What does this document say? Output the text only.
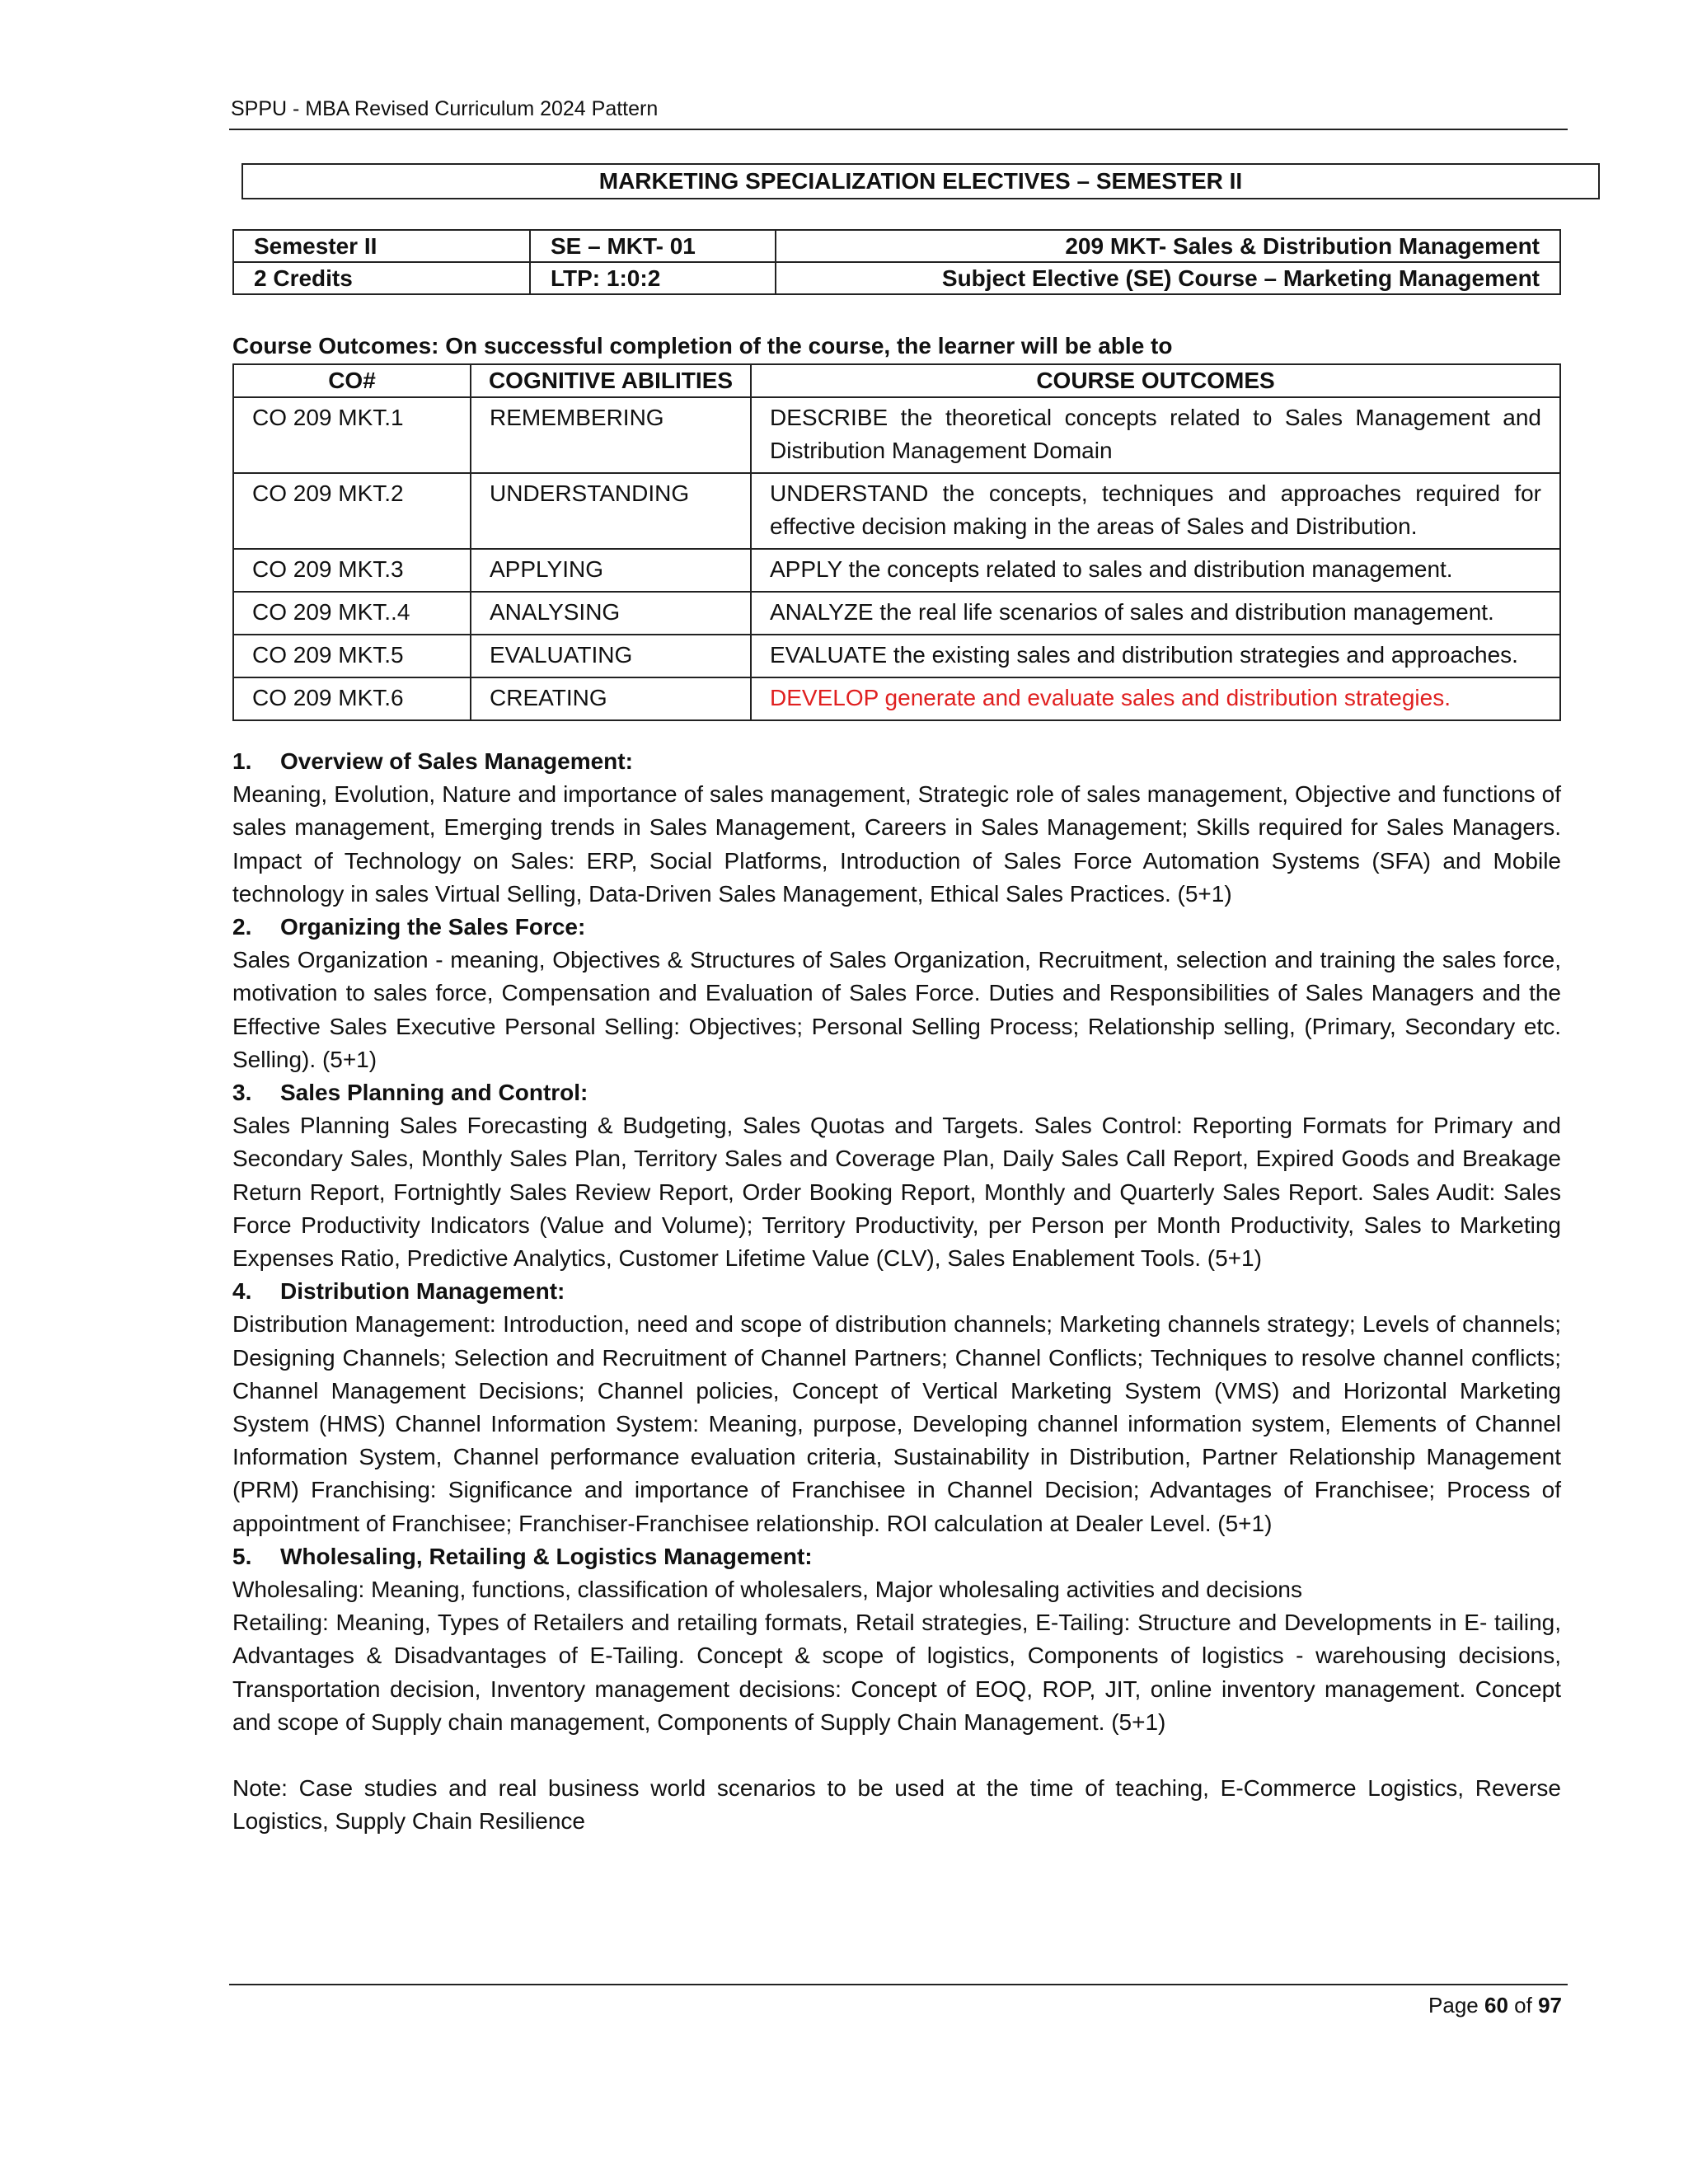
SPPU - MBA Revised Curriculum 2024 Pattern
MARKETING SPECIALIZATION ELECTIVES – SEMESTER II
Semester II	SE – MKT- 01	209 MKT- Sales & Distribution Management
2 Credits	LTP: 1:0:2	Subject Elective (SE) Course – Marketing Management
Course Outcomes: On successful completion of the course, the learner will be able to
CO#	COGNITIVE ABILITIES	COURSE OUTCOMES
CO 209 MKT.1	REMEMBERING	DESCRIBE the theoretical concepts related to Sales Management and Distribution Management Domain
CO 209 MKT.2	UNDERSTANDING	UNDERSTAND the concepts, techniques and approaches required for effective decision making in the areas of Sales and Distribution.
CO 209 MKT.3	APPLYING	APPLY the concepts related to sales and distribution management.
CO 209 MKT..4	ANALYSING	ANALYZE the real life scenarios of sales and distribution management.
CO 209 MKT.5	EVALUATING	EVALUATE the existing sales and distribution strategies and approaches.
CO 209 MKT.6	CREATING	DEVELOP generate and evaluate sales and distribution strategies.
1.	Overview of Sales Management:

Meaning, Evolution, Nature and importance of sales management, Strategic role of sales management, Objective and functions of sales management, Emerging trends in Sales Management, Careers in Sales Management; Skills required for Sales Managers. Impact of Technology on Sales: ERP, Social Platforms, Introduction of Sales Force Automation Systems (SFA) and Mobile technology in sales Virtual Selling, Data-Driven Sales Management, Ethical Sales Practices. (5+1)

2.	Organizing the Sales Force:

Sales Organization - meaning, Objectives & Structures of Sales Organization, Recruitment, selection and training the sales force, motivation to sales force, Compensation and Evaluation of Sales Force. Duties and Responsibilities of Sales Managers and the Effective Sales Executive Personal Selling: Objectives; Personal Selling Process; Relationship selling, (Primary, Secondary etc. Selling). (5+1)

3.	Sales Planning and Control:

Sales Planning Sales Forecasting & Budgeting, Sales Quotas and Targets. Sales Control: Reporting Formats for Primary and Secondary Sales, Monthly Sales Plan, Territory Sales and Coverage Plan, Daily Sales Call Report, Expired Goods and Breakage Return Report, Fortnightly Sales Review Report, Order Booking Report, Monthly and Quarterly Sales Report. Sales Audit: Sales Force Productivity Indicators (Value and Volume); Territory Productivity, per Person per Month Productivity, Sales to Marketing Expenses Ratio, Predictive Analytics, Customer Lifetime Value (CLV), Sales Enablement Tools. (5+1)

4.	Distribution Management:

Distribution Management: Introduction, need and scope of distribution channels; Marketing channels strategy; Levels of channels; Designing Channels; Selection and Recruitment of Channel Partners; Channel Conflicts; Techniques to resolve channel conflicts; Channel Management Decisions; Channel policies, Concept of Vertical Marketing System (VMS) and Horizontal Marketing System (HMS) Channel Information System: Meaning, purpose, Developing channel information system, Elements of Channel Information System, Channel performance evaluation criteria, Sustainability in Distribution, Partner Relationship Management (PRM) Franchising: Significance and importance of Franchisee in Channel Decision; Advantages of Franchisee; Process of appointment of Franchisee; Franchiser-Franchisee relationship. ROI calculation at Dealer Level. (5+1)

5.	Wholesaling, Retailing & Logistics Management:

Wholesaling: Meaning, functions, classification of wholesalers, Major wholesaling activities and decisions

Retailing: Meaning, Types of Retailers and retailing formats, Retail strategies, E-Tailing: Structure and Developments in E- tailing, Advantages & Disadvantages of E-Tailing. Concept & scope of logistics, Components of logistics - warehousing decisions, Transportation decision, Inventory management decisions: Concept of EOQ, ROP, JIT, online inventory management. Concept and scope of Supply chain management, Components of Supply Chain Management. (5+1)

Note: Case studies and real business world scenarios to be used at the time of teaching, E-Commerce Logistics, Reverse Logistics, Supply Chain Resilience

Page 60 of 97
